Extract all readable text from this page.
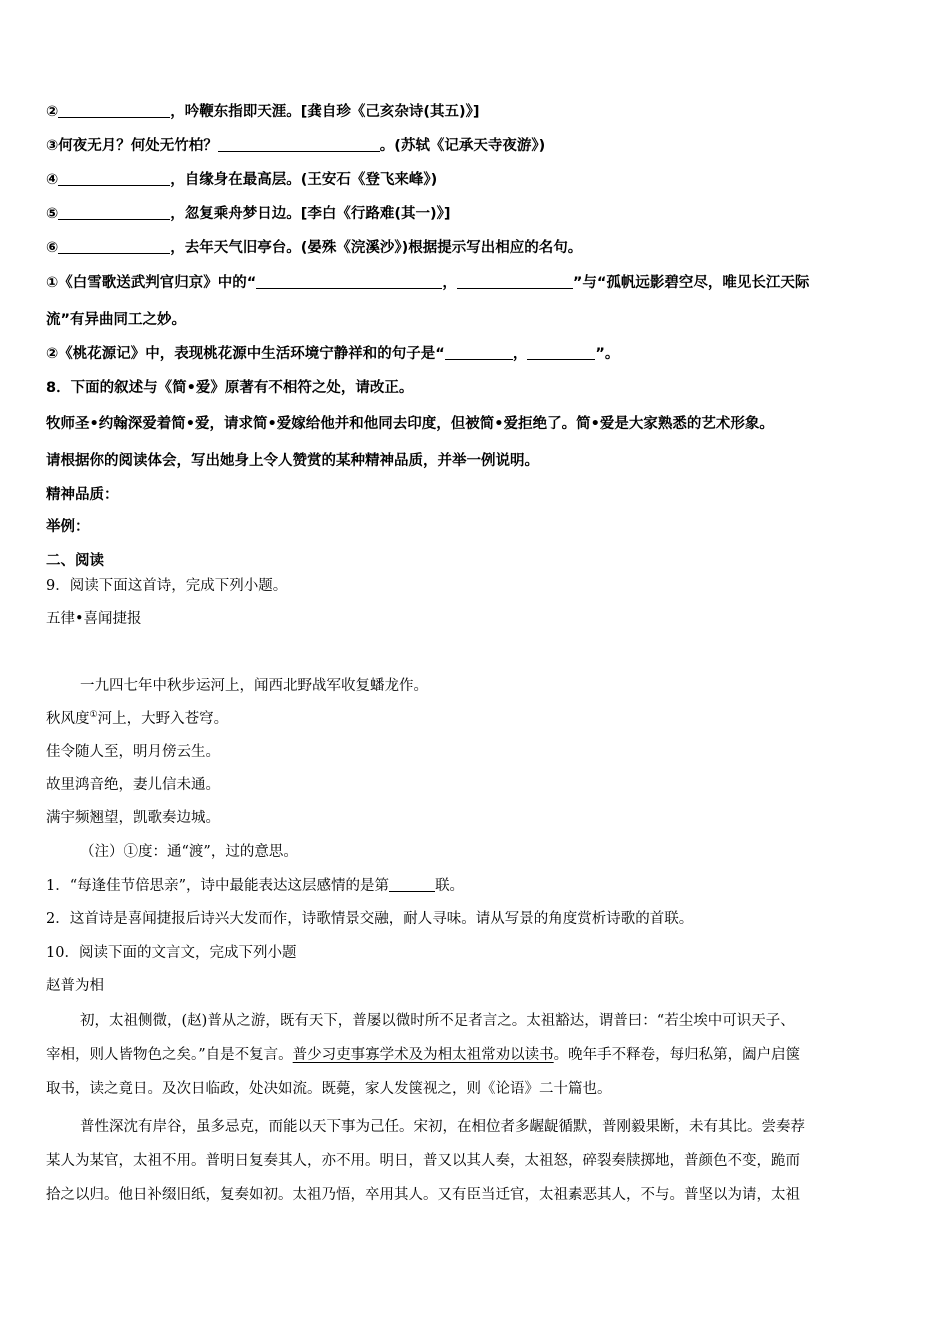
②	，吟鞭东指即天涯。[龚自珍《己亥杂诗(其五)》]
③何夜无月？何处无竹柏？	。(苏轼《记承天寺夜游》)
④	，自缘身在最高层。(王安石《登飞来峰》)
⑤	，忽复乘舟梦日边。[李白《行路难(其一)》]
⑥	，去年天气旧亭台。(晏殊《浣溪沙》)根据提示写出相应的名句。
①《白雪歌送武判官归京》中的“	，	”与“孤帆远影碧空尽，唯见长江天际
流”有异曲同工之妙。
②《桃花源记》中，表现桃花源中生活环境宁静祥和的句子是“	，	”。
8．下面的叙述与《简•爱》原著有不相符之处，请改正。
牧师圣•约翰深爱着简•爱，请求简•爱嫁给他并和他同去印度，但被简•爱拒绝了。简•爱是大家熟悉的艺术形象。
请根据你的阅读体会，写出她身上令人赞赏的某种精神品质，并举一例说明。
精神品质：
举例：
二、阅读
9．阅读下面这首诗，完成下列小题。
五律•喜闻捷报
一九四七年中秋步运河上，闻西北野战军收复蟠龙作。
秋风度①河上，大野入苍穹。
佳令随人至，明月傍云生。
故里鸿音绝，妻儿信未通。
满宇频翘望，凯歌奏边城。
（注）①度：通“渡”，过的意思。
1．“每逢佳节倍思亲”，诗中最能表达这层感情的是第	联。
2．这首诗是喜闻捷报后诗兴大发而作，诗歌情景交融，耐人寻味。请从写景的角度赏析诗歌的首联。
10．阅读下面的文言文，完成下列小题
赵普为相
初，太祖侧微，(赵)普从之游，既有天下，普屡以微时所不足者言之。太祖豁达，谓普曰：“若尘埃中可识天子、
宰相，则人皆物色之矣。”自是不复言。普少习吏事寡学术及为相太祖常劝以读书。晚年手不释卷，每归私第，阖户启箧
取书，读之竟日。及次日临政，处决如流。既薨，家人发箧视之，则《论语》二十篇也。
普性深沈有岸谷，虽多忌克，而能以天下事为己任。宋初，在相位者多龌龊循默，普刚毅果断，未有其比。尝奏荐
某人为某官，太祖不用。普明日复奏其人，亦不用。明日，普又以其人奏，太祖怒，碎裂奏牍掷地，普颜色不变，跪而
拾之以归。他日补缀旧纸，复奏如初。太祖乃悟，卒用其人。又有臣当迁官，太祖素恶其人，不与。普坚以为请，太祖
